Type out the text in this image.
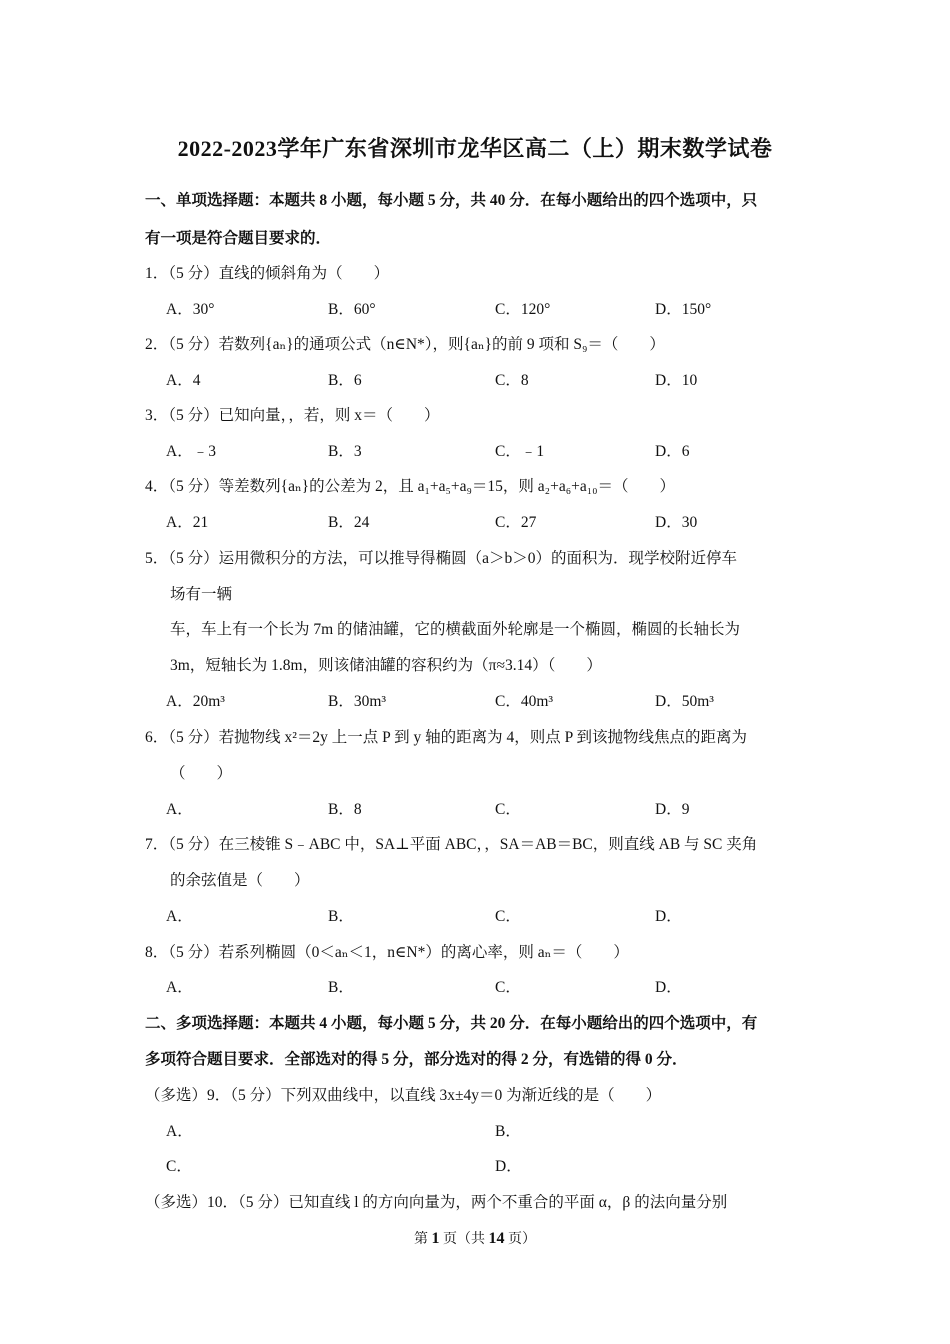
2022-2023学年广东省深圳市龙华区高二（上）期末数学试卷
一、单项选择题：本题共 8 小题，每小题 5 分，共 40 分．在每小题给出的四个选项中，只
有一项是符合题目要求的．
1．（5 分）直线的倾斜角为（　　）
A．30°	B．60°	C．120°	D．150°
2．（5 分）若数列{aₙ}的通项公式（n∈N*），则{aₙ}的前 9 项和 S₉＝（　　）
A．4	B．6	C．8	D．10
3．（5 分）已知向量，，若，则 x＝（　　）
A．﹣3	B．3	C．﹣1	D．6
4．（5 分）等差数列{aₙ}的公差为 2，且 a₁+a₅+a₉＝15，则 a₂+a₆+a₁₀＝（　　）
A．21	B．24	C．27	D．30
5．（5 分）运用微积分的方法，可以推导得椭圆（a＞b＞0）的面积为．现学校附近停车
场有一辆
车，车上有一个长为 7m 的储油罐，它的横截面外轮廓是一个椭圆，椭圆的长轴长为
3m，短轴长为 1.8m，则该储油罐的容积约为（π≈3.14）（　　）
A．20m³	B．30m³	C．40m³	D．50m³
6．（5 分）若抛物线 x²＝2y 上一点 P 到 y 轴的距离为 4，则点 P 到该抛物线焦点的距离为
（　　）
A．	B．8	C．	D．9
7．（5 分）在三棱锥 S﹣ABC 中，SA⊥平面 ABC，，SA＝AB＝BC，则直线 AB 与 SC 夹角
的余弦值是（　　）
A．	B．	C．	D．
8．（5 分）若系列椭圆（0＜aₙ＜1，n∈N*）的离心率，则 aₙ＝（　　）
A．	B．	C．	D．
二、多项选择题：本题共 4 小题，每小题 5 分，共 20 分．在每小题给出的四个选项中，有
多项符合题目要求．全部选对的得 5 分，部分选对的得 2 分，有选错的得 0 分．
（多选）9．（5 分）下列双曲线中，以直线 3x±4y＝0 为渐近线的是（　　）
A．	B．
C．	D．
（多选）10．（5 分）已知直线 l 的方向向量为，两个不重合的平面 α，β 的法向量分别
第 1 页（共 14 页）
